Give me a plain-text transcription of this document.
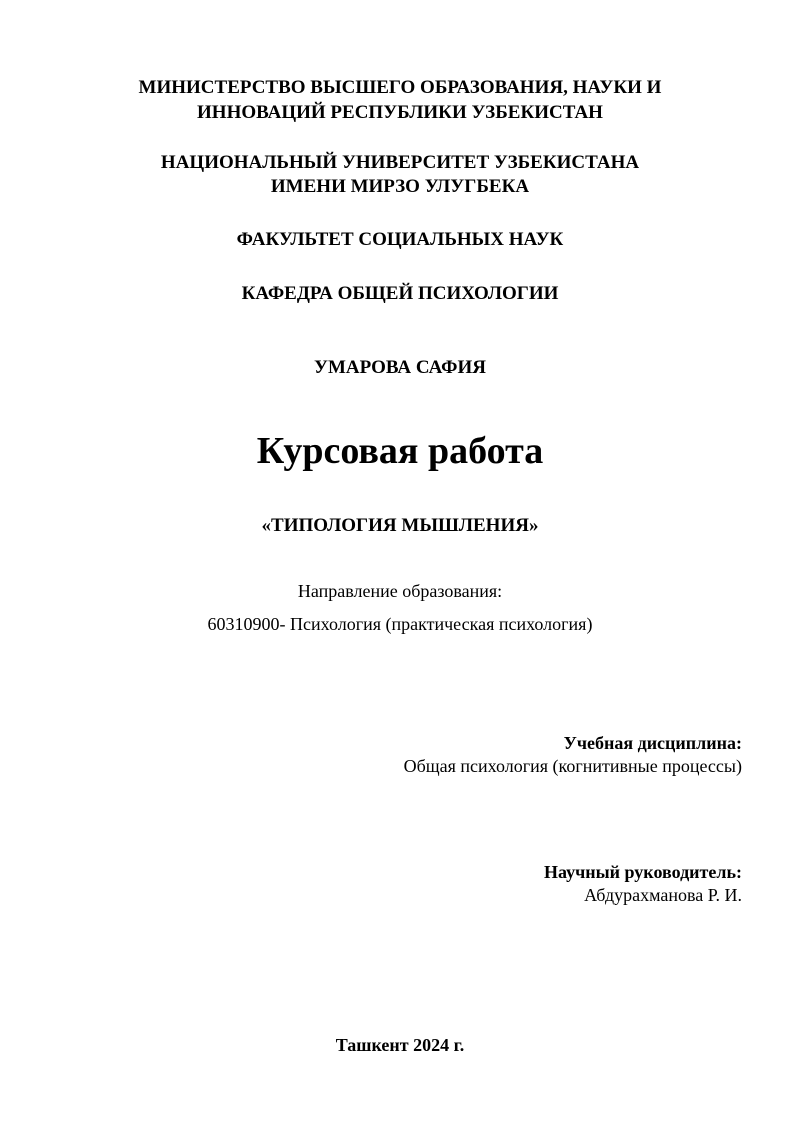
МИНИСТЕРСТВО ВЫСШЕГО ОБРАЗОВАНИЯ, НАУКИ И
ИННОВАЦИЙ РЕСПУБЛИКИ УЗБЕКИСТАН
НАЦИОНАЛЬНЫЙ УНИВЕРСИТЕТ УЗБЕКИСТАНА
ИМЕНИ МИРЗО УЛУГБЕКА
ФАКУЛЬТЕТ СОЦИАЛЬНЫХ НАУК
КАФЕДРА ОБЩЕЙ ПСИХОЛОГИИ
УМАРОВА САФИЯ
Курсовая работа
«ТИПОЛОГИЯ МЫШЛЕНИЯ»
Направление образования:
60310900- Психология (практическая психология)
Учебная дисциплина:
Общая психология (когнитивные процессы)
Научный руководитель:
Абдурахманова Р. И.
Ташкент 2024 г.
